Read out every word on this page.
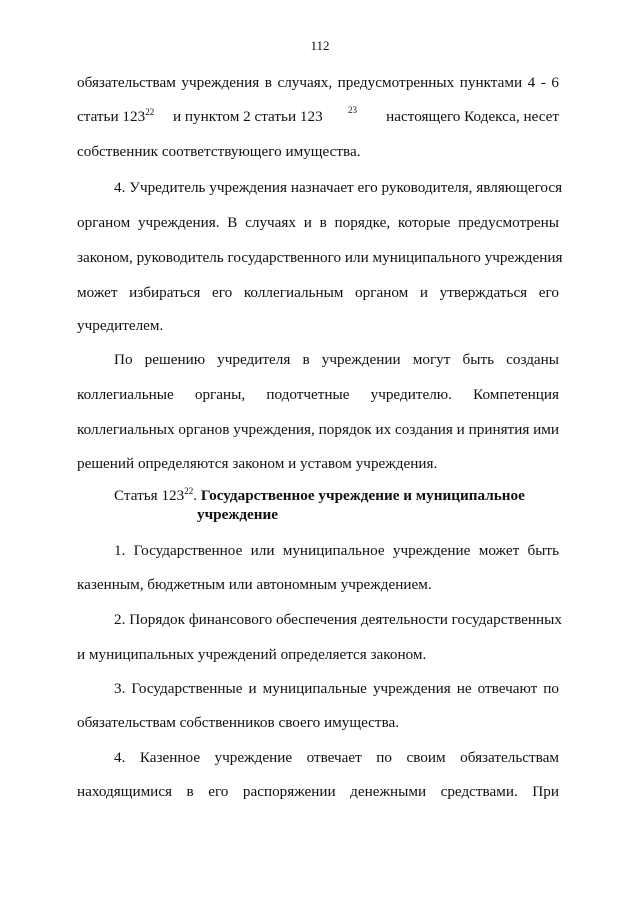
112
обязательствам учреждения в случаях, предусмотренных пунктами 4 - 6
статьи $123^{22}$ и пунктом 2 статьи 123	23 настоящего Кодекса, несет
собственник соответствующего имущества.
4. Учредитель учреждения назначает его руководителя, являющегося
органом учреждения. В случаях и в порядке, которые предусмотрены
законом, руководитель государственного или муниципального учреждения
может избираться его коллегиальным органом и утверждаться его
учредителем.
По решению учредителя в учреждении могут быть созданы
коллегиальные органы, подотчетные учредителю. Компетенция
коллегиальных органов учреждения, порядок их создания и принятия ими
решений определяются законом и уставом учреждения.
Статья $123^{22}$. Государственное учреждение и муниципальное
учреждение
1. Государственное или муниципальное учреждение может быть
казенным, бюджетным или автономным учреждением.
2. Порядок финансового обеспечения деятельности государственных
и муниципальных учреждений определяется законом.
3. Государственные и муниципальные учреждения не отвечают по
обязательствам собственников своего имущества.
4. Казенное учреждение отвечает по своим обязательствам
находящимися в его распоряжении денежными средствами. При
